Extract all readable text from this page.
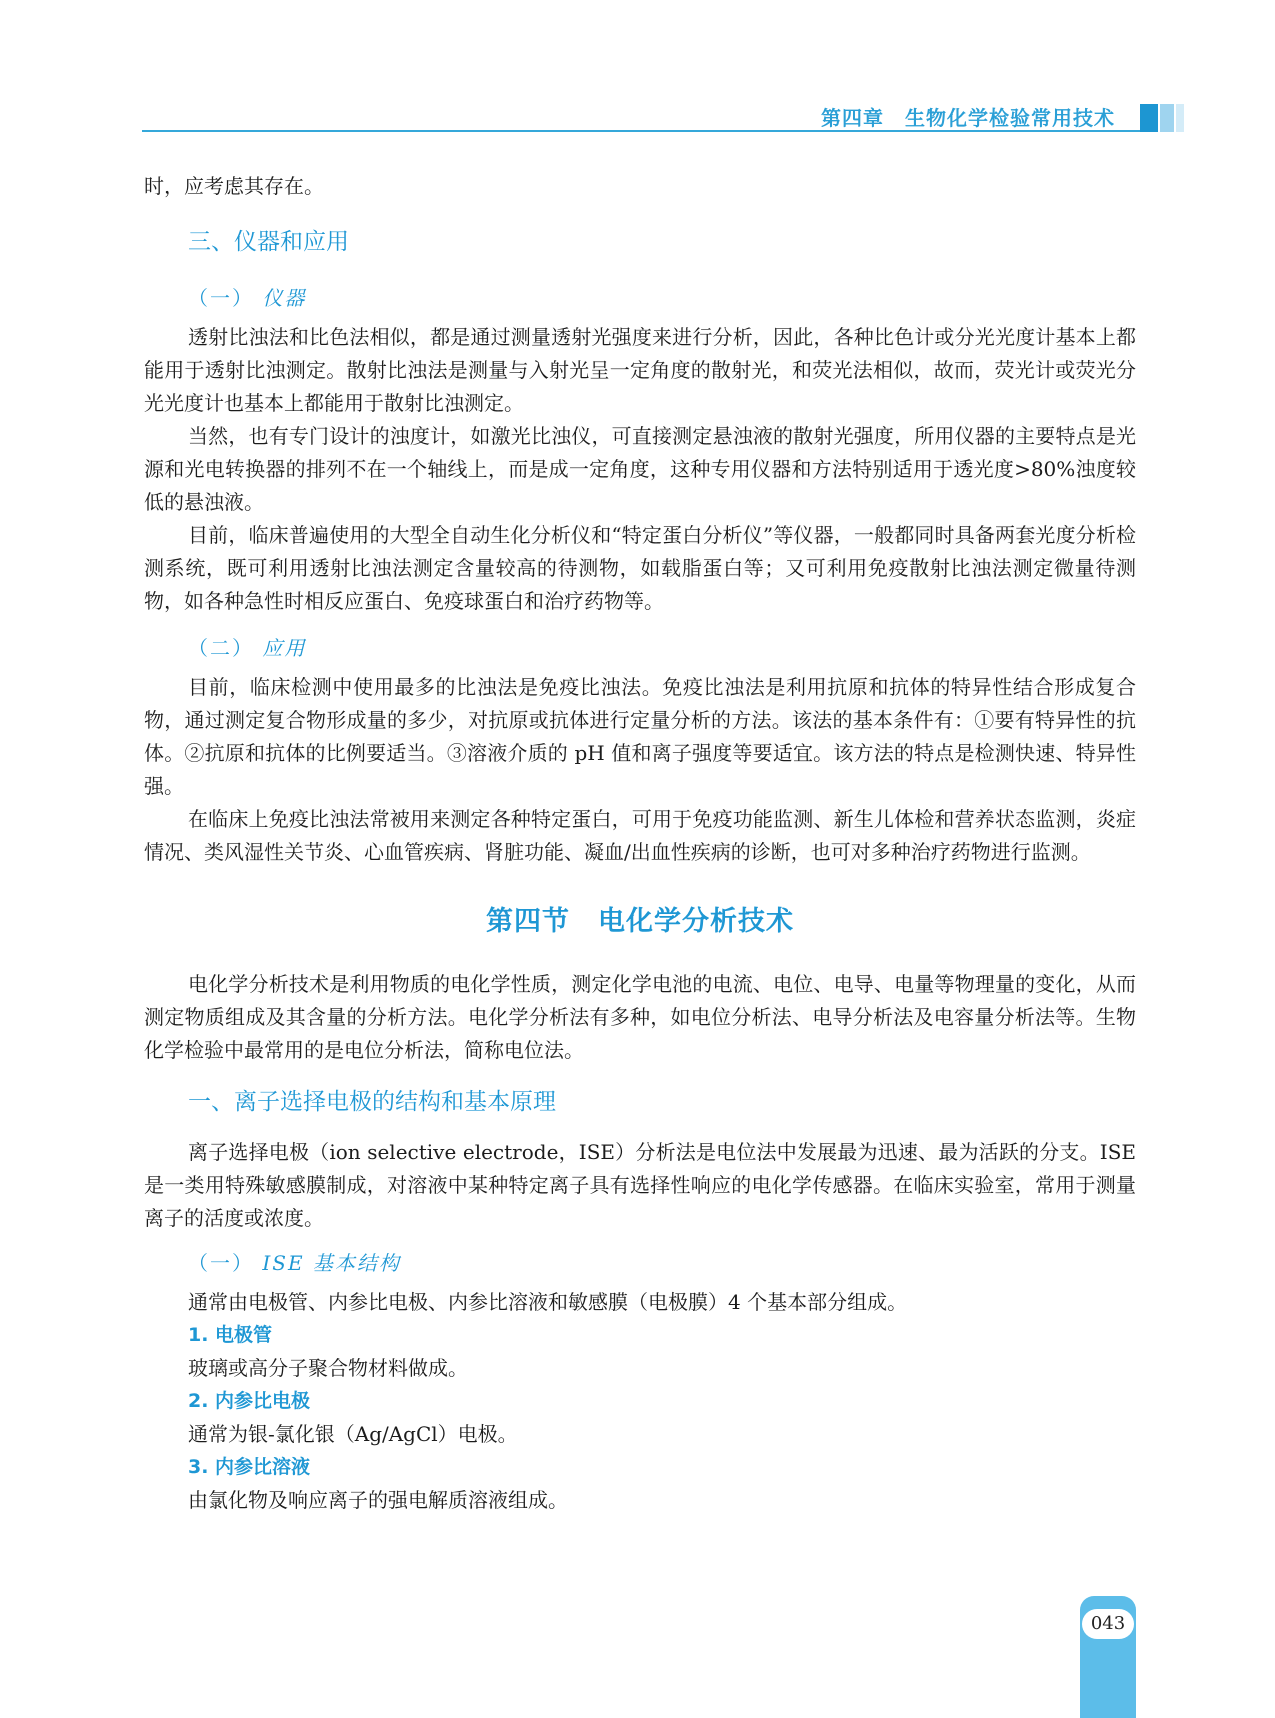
第四章　 生物化学检验常用技术

时，应考虑其存在。

三、仪器和应用
（一） 仪器

透射比浊法和比色法相似，都是通过测量透射光强度来进行分析，因此，各种比色计或分光光度计基本上都能用于透射比浊测定。散射比浊法是测量与入射光呈一定角度的散射光，和荧光法相似，故而，荧光计或荧光分光光度计也基本上都能用于散射比浊测定。

当然，也有专门设计的浊度计，如激光比浊仪，可直接测定悬浊液的散射光强度，所用仪器的主要特点是光源和光电转换器的排列不在一个轴线上，而是成一定角度，这种专用仪器和方法特别适用于透光度>80%浊度较低的悬浊液。

目前，临床普遍使用的大型全自动生化分析仪和“特定蛋白分析仪”等仪器，一般都同时具备两套光度分析检测系统，既可利用透射比浊法测定含量较高的待测物，如载脂蛋白等；又可利用免疫散射比浊法测定微量待测物，如各种急性时相反应蛋白、免疫球蛋白和治疗药物等。

（二） 应用

目前，临床检测中使用最多的比浊法是免疫比浊法。免疫比浊法是利用抗原和抗体的特异性结合形成复合物，通过测定复合物形成量的多少，对抗原或抗体进行定量分析的方法。该法的基本条件有：①要有特异性的抗体。②抗原和抗体的比例要适当。③溶液介质的 pH 值和离子强度等要适宜。该方法的特点是检测快速、特异性强。

在临床上免疫比浊法常被用来测定各种特定蛋白，可用于免疫功能监测、新生儿体检和营养状态监测，炎症情况、类风湿性关节炎、心血管疾病、肾脏功能、凝血/出血性疾病的诊断，也可对多种治疗药物进行监测。

第四节　电化学分析技术

电化学分析技术是利用物质的电化学性质，测定化学电池的电流、电位、电导、电量等物理量的变化，从而测定物质组成及其含量的分析方法。电化学分析法有多种，如电位分析法、电导分析法及电容量分析法等。生物化学检验中最常用的是电位分析法，简称电位法。

一、离子选择电极的结构和基本原理

离子选择电极（ion selective electrode，ISE）分析法是电位法中发展最为迅速、最为活跃的分支。ISE 是一类用特殊敏感膜制成，对溶液中某种特定离子具有选择性响应的电化学传感器。在临床实验室，常用于测量离子的活度或浓度。

（一） ISE 基本结构

通常由电极管、内参比电极、内参比溶液和敏感膜（电极膜）4 个基本部分组成。

1. 电极管

玻璃或高分子聚合物材料做成。

2. 内参比电极

通常为银-氯化银（Ag/AgCl）电极。

3. 内参比溶液

由氯化物及响应离子的强电解质溶液组成。

043
